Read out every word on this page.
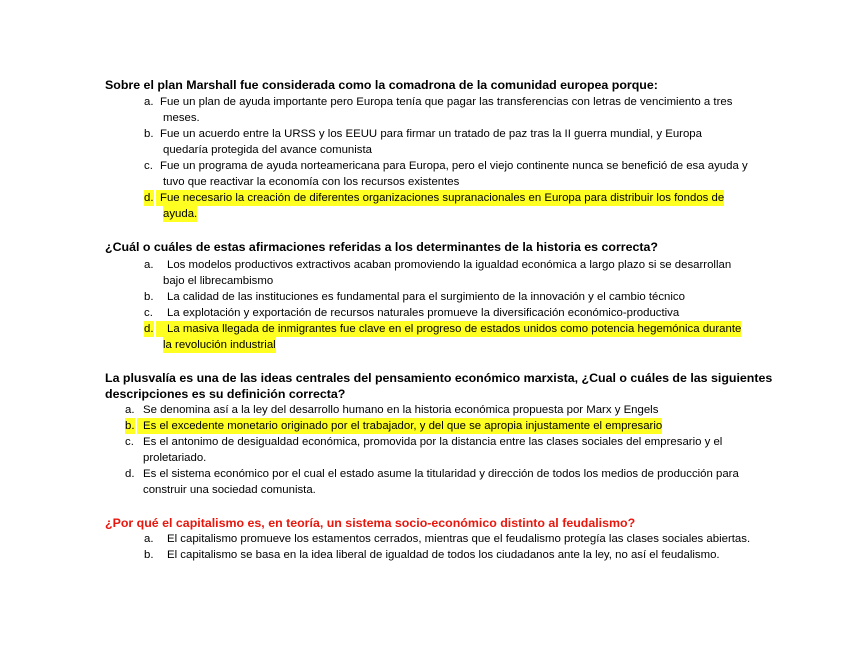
Sobre el plan Marshall fue considerada como la comadrona de la comunidad europea porque:
a. Fue un plan de ayuda importante pero Europa tenía que pagar las transferencias con letras de vencimiento a tres
meses.
b. Fue un acuerdo entre la URSS y los EEUU para firmar un tratado de paz tras la II guerra mundial, y Europa
quedaría protegida del avance comunista
c. Fue un programa de ayuda norteamericana para Europa, pero el viejo continente nunca se benefició de esa ayuda y
tuvo que reactivar la economía con los recursos existentes
d. Fue necesario la creación de diferentes organizaciones supranacionales en Europa para distribuir los fondos de
ayuda.
¿Cuál o cuáles de estas afirmaciones referidas a los determinantes de la historia es correcta?
a. Los modelos productivos extractivos acaban promoviendo la igualdad económica a largo plazo si se desarrollan
bajo el librecambismo
b. La calidad de las instituciones es fundamental para el surgimiento de la innovación y el cambio técnico
c. La explotación y exportación de recursos naturales promueve la diversificación económico-productiva
d.	La masiva llegada de inmigrantes fue clave en el progreso de estados unidos como potencia hegemónica durante
la revolución industrial
La plusvalía es una de las ideas centrales del pensamiento económico marxista, ¿Cual o cuáles de las siguientes
descripciones es su definición correcta?
a. Se denomina así a la ley del desarrollo humano en la historia económica propuesta por Marx y Engels
b. Es el excedente monetario originado por el trabajador, y del que se apropia injustamente el empresario
c. Es el antonimo de desigualdad económica, promovida por la distancia entre las clases sociales del empresario y el
proletariado.
d. Es el sistema económico por el cual el estado asume la titularidad y dirección de todos los medios de producción para
construir una sociedad comunista.
¿Por qué el capitalismo es, en teoría, un sistema socio-económico distinto al feudalismo?
a. El capitalismo promueve los estamentos cerrados, mientras que el feudalismo protegía las clases sociales abiertas.
b. El capitalismo se basa en la idea liberal de igualdad de todos los ciudadanos ante la ley, no así el feudalismo.
